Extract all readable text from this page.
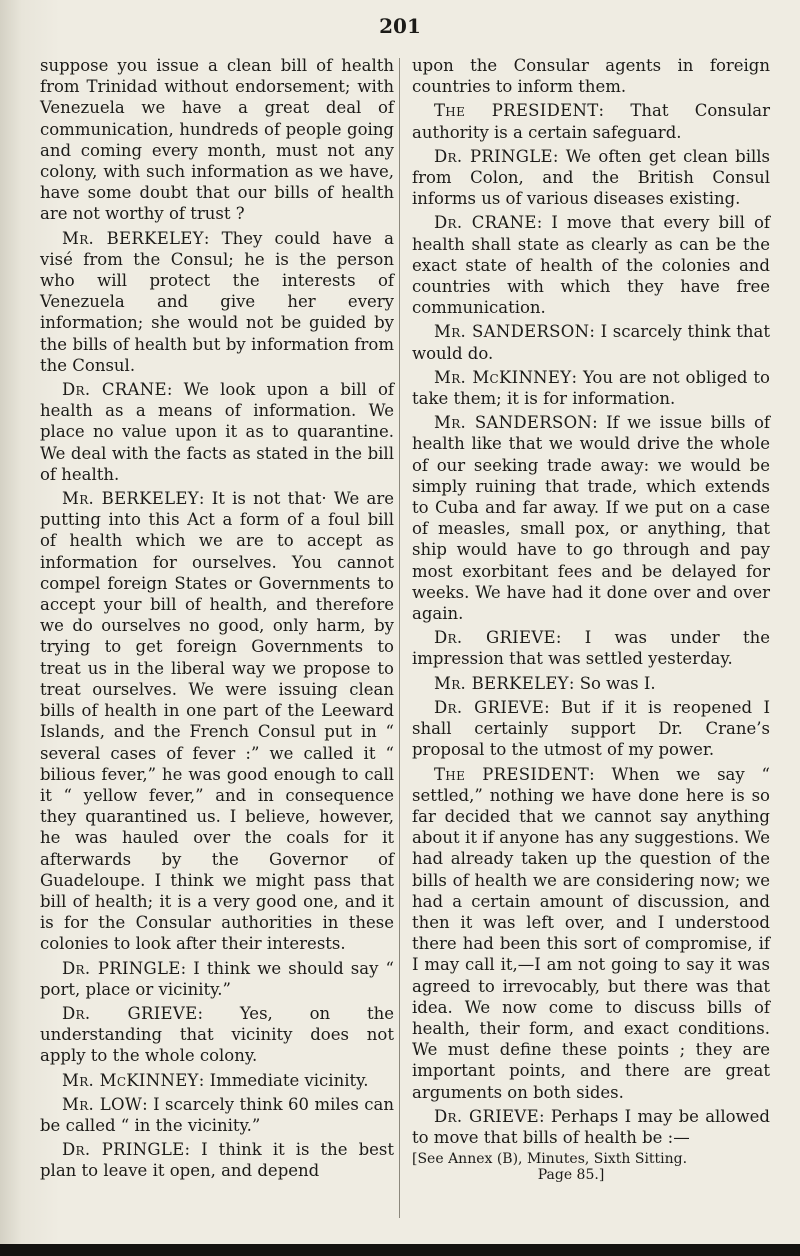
201

suppose you issue a clean bill of health from Trinidad without endorsement; with Venezuela we have a great deal of communication, hundreds of people going and coming every month, must not any colony, with such information as we have, have some doubt that our bills of health are not worthy of trust ?

Mr. BERKELEY: They could have a visé from the Consul; he is the person who will protect the interests of Venezuela and give her every information; she would not be guided by the bills of health but by information from the Consul.

Dr. CRANE: We look upon a bill of health as a means of information. We place no value upon it as to quarantine. We deal with the facts as stated in the bill of health.

Mr. BERKELEY: It is not that· We are putting into this Act a form of a foul bill of health which we are to accept as information for ourselves. You cannot compel foreign States or Governments to accept your bill of health, and therefore we do ourselves no good, only harm, by trying to get foreign Governments to treat us in the liberal way we propose to treat ourselves. We were issuing clean bills of health in one part of the Leeward Islands, and the French Consul put in “ several cases of fever :” we called it “ bilious fever,” he was good enough to call it “ yellow fever,” and in consequence they quarantined us. I believe, however, he was hauled over the coals for it afterwards by the Governor of Guadeloupe. I think we might pass that bill of health; it is a very good one, and it is for the Consular authorities in these colonies to look after their interests.

Dr. PRINGLE: I think we should say “ port, place or vicinity.”

Dr. GRIEVE: Yes, on the understanding that vicinity does not apply to the whole colony.

Mr. McKINNEY: Immediate vicinity.

Mr. LOW: I scarcely think 60 miles can be called “ in the vicinity.”

Dr. PRINGLE: I think it is the best plan to leave it open, and depend

upon the Consular agents in foreign countries to inform them.

The PRESIDENT: That Consular authority is a certain safeguard.

Dr. PRINGLE: We often get clean bills from Colon, and the British Consul informs us of various diseases existing.

Dr. CRANE: I move that every bill of health shall state as clearly as can be the exact state of health of the colonies and countries with which they have free communication.

Mr. SANDERSON: I scarcely think that would do.

Mr. McKINNEY: You are not obliged to take them; it is for information.

Mr. SANDERSON: If we issue bills of health like that we would drive the whole of our seeking trade away: we would be simply ruining that trade, which extends to Cuba and far away. If we put on a case of measles, small pox, or anything, that ship would have to go through and pay most exorbitant fees and be delayed for weeks. We have had it done over and over again.

Dr. GRIEVE: I was under the impression that was settled yesterday.

Mr. BERKELEY: So was I.

Dr. GRIEVE: But if it is reopened I shall certainly support Dr. Crane’s proposal to the utmost of my power.

The PRESIDENT: When we say “ settled,” nothing we have done here is so far decided that we cannot say anything about it if anyone has any suggestions. We had already taken up the question of the bills of health we are considering now; we had a certain amount of discussion, and then it was left over, and I understood there had been this sort of compromise, if I may call it,—I am not going to say it was agreed to irrevocably, but there was that idea. We now come to discuss bills of health, their form, and exact conditions. We must define these points ; they are important points, and there are great arguments on both sides.

Dr. GRIEVE: Perhaps I may be allowed to move that bills of health be :—

[See Annex (B), Minutes, Sixth Sitting.
Page 85.]
